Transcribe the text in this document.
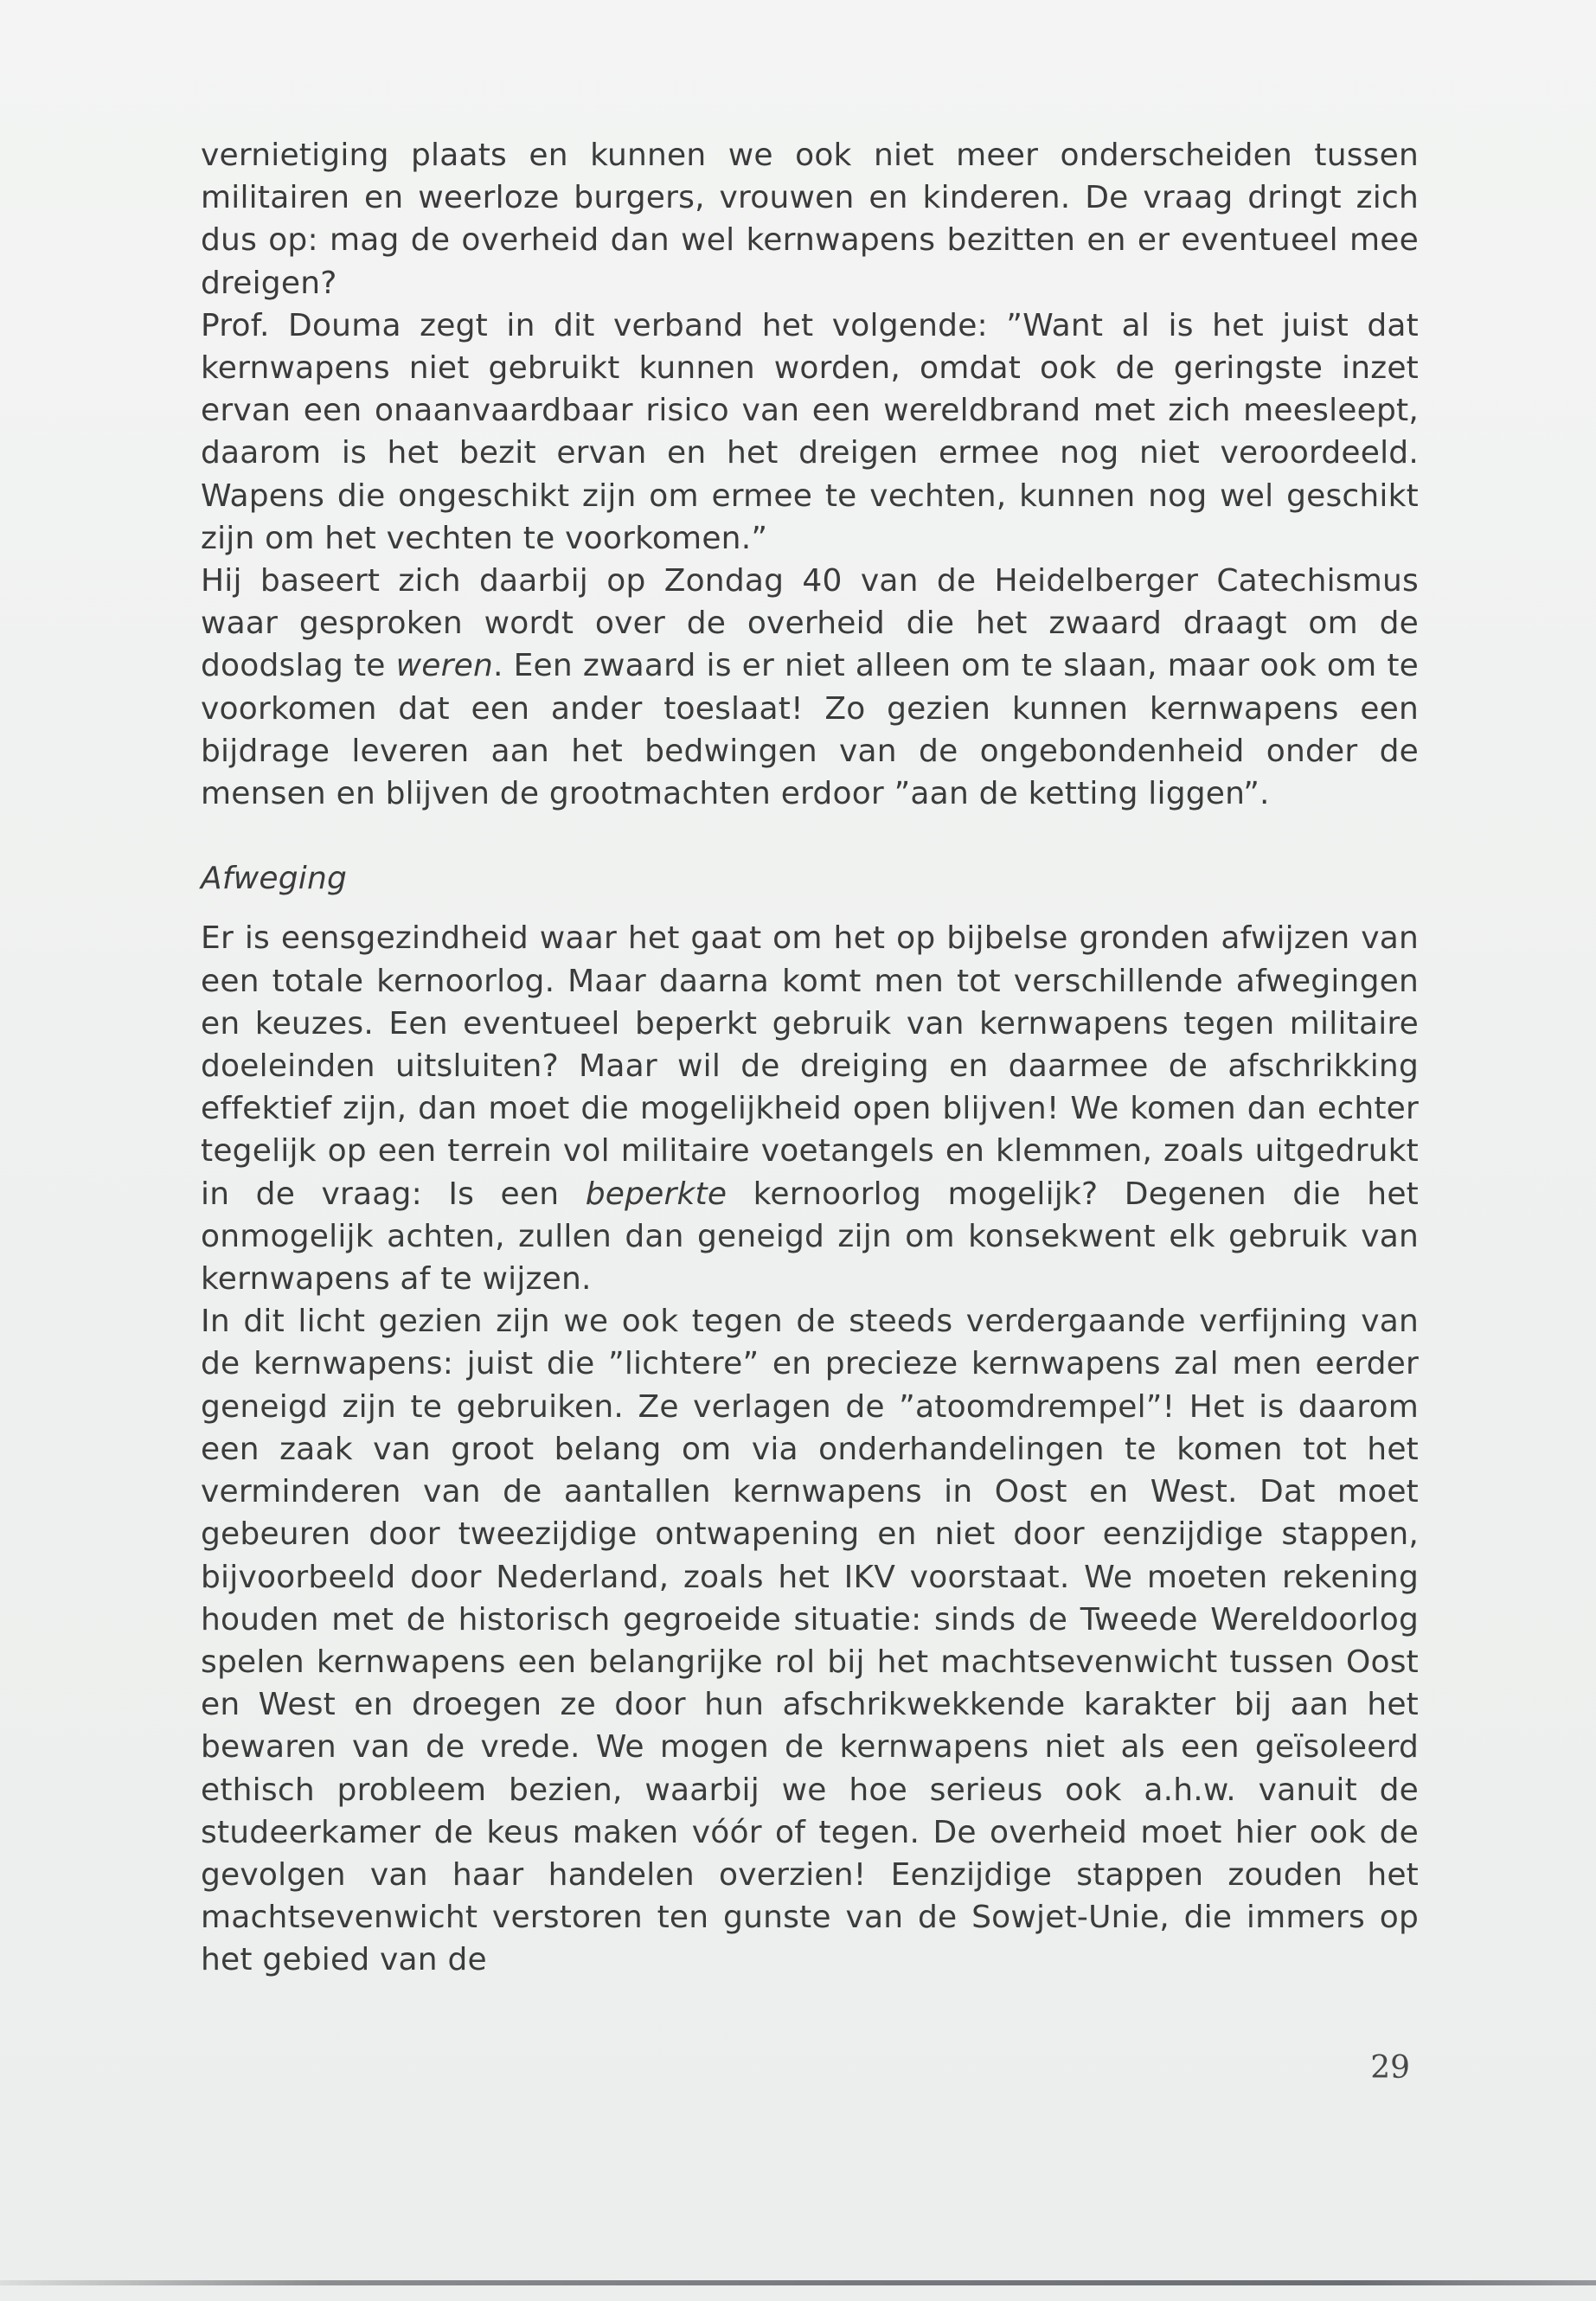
vernietiging plaats en kunnen we ook niet meer onderscheiden tussen militairen en weerloze burgers, vrouwen en kinderen. De vraag dringt zich dus op: mag de overheid dan wel kernwapens bezitten en er eventueel mee dreigen?

Prof. Douma zegt in dit verband het volgende: ”Want al is het juist dat kernwapens niet gebruikt kunnen worden, omdat ook de geringste inzet ervan een onaanvaardbaar risico van een wereldbrand met zich meesleept, daarom is het bezit ervan en het dreigen ermee nog niet veroordeeld. Wapens die ongeschikt zijn om ermee te vechten, kunnen nog wel geschikt zijn om het vechten te voorkomen.”

Hij baseert zich daarbij op Zondag 40 van de Heidelberger Catechismus waar gesproken wordt over de overheid die het zwaard draagt om de doodslag te weren. Een zwaard is er niet alleen om te slaan, maar ook om te voorkomen dat een ander toeslaat! Zo gezien kunnen kernwapens een bijdrage leveren aan het bedwingen van de ongebondenheid onder de mensen en blijven de grootmachten erdoor ”aan de ketting liggen”.

Afweging

Er is eensgezindheid waar het gaat om het op bijbelse gronden afwijzen van een totale kernoorlog. Maar daarna komt men tot verschillende afwegingen en keuzes. Een eventueel beperkt gebruik van kernwapens tegen militaire doeleinden uitsluiten? Maar wil de dreiging en daarmee de afschrikking effektief zijn, dan moet die mogelijkheid open blijven! We komen dan echter tegelijk op een terrein vol militaire voetangels en klemmen, zoals uitgedrukt in de vraag: Is een beperkte kernoorlog mogelijk? Degenen die het onmogelijk achten, zullen dan geneigd zijn om konsekwent elk gebruik van kernwapens af te wijzen.

In dit licht gezien zijn we ook tegen de steeds verdergaande verfijning van de kernwapens: juist die ”lichtere” en precieze kernwapens zal men eerder geneigd zijn te gebruiken. Ze verlagen de ”atoomdrempel”! Het is daarom een zaak van groot belang om via onderhandelingen te komen tot het verminderen van de aantallen kernwapens in Oost en West. Dat moet gebeuren door tweezijdige ontwapening en niet door eenzijdige stappen, bijvoorbeeld door Nederland, zoals het IKV voorstaat. We moeten rekening houden met de historisch gegroeide situatie: sinds de Tweede Wereldoorlog spelen kernwapens een belangrijke rol bij het machtsevenwicht tussen Oost en West en droegen ze door hun afschrikwekkende karakter bij aan het bewaren van de vrede. We mogen de kernwapens niet als een geïsoleerd ethisch probleem bezien, waarbij we hoe serieus ook a.h.w. vanuit de studeerkamer de keus maken vóór of tegen. De overheid moet hier ook de gevolgen van haar handelen overzien! Eenzijdige stappen zouden het machtsevenwicht verstoren ten gunste van de Sowjet-Unie, die immers op het gebied van de

29
